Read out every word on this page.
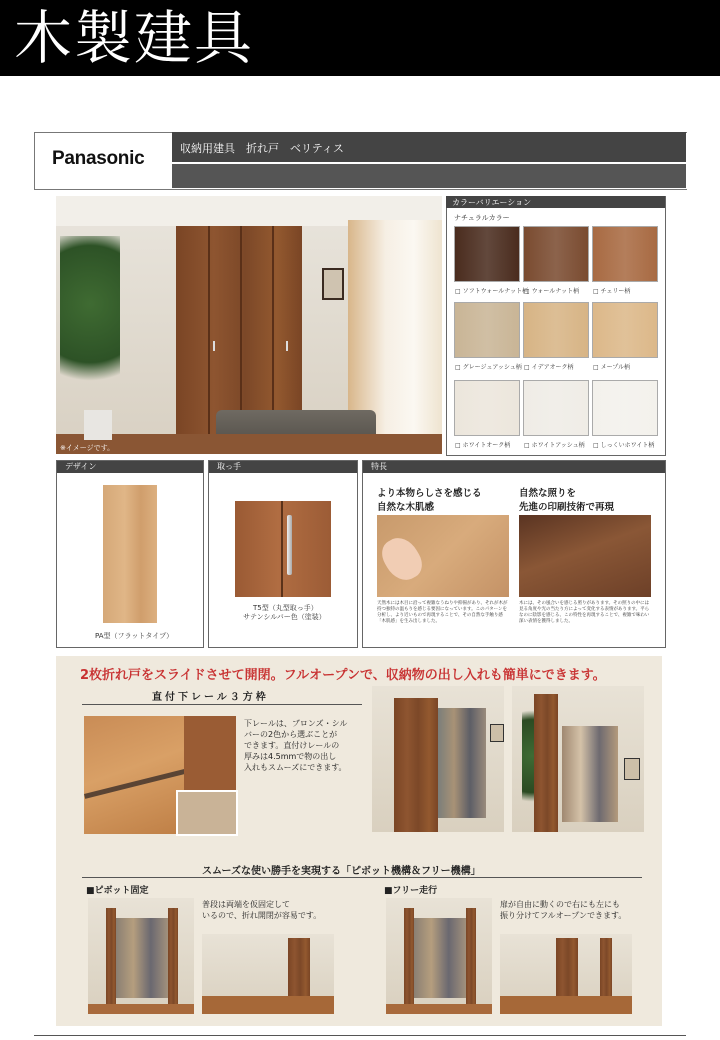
木製建具
Panasonic	収納用建具　折れ戸　ベリティス
※イメージです。
カラーバリエーション
ナチュラルカラー
□ ソフトウォールナット柄
□ ウォールナット柄 □ チェリー柄
□ グレージュアッシュ柄 □ イデアオーク柄	□ メープル柄
□ ホワイトオーク柄 □ ホワイトアッシュ柄 □ しっくいホワイト柄
デザイン
PA型（フラットタイプ）
取っ手
T5型（丸型取っ手）
サテンシルバー色（塗装）
特長
より本物らしさを感じる
自然な木肌感
天然木には木目に沿って複雑なうねりや抑揚があり、それが木が持つ独特の温もりを感じる要因になっています。このパターンを分析し、より近いもので再現することで、その自然な手触り感「木肌感」を生み出しました。
自然な照りを
先進の印刷技術で再現
木には、その風合いを感じる照りがあります。その照りの中には見る角度や光の当たり方によって変化する表情があります。平らなのに陰影を感じる、この特性を再現することで、複雑で味わい深い表情を獲得しました。
2枚折れ戸をスライドさせて開閉。フルオープンで、収納物の出し入れも簡単にできます。
直付下レール３方枠
下レールは、ブロンズ・シル
バーの2色から選ぶことが
できます。直付けレールの
厚みは4.5mmで物の出し
入れもスムーズにできます。
スムーズな使い勝手を実現する「ピボット機構＆フリー機構」
■ピボット固定
普段は両端を仮固定して
いるので、折れ開閉が容易です。
■フリー走行
扉が自由に動くので右にも左にも
振り分けてフルオープンできます。
